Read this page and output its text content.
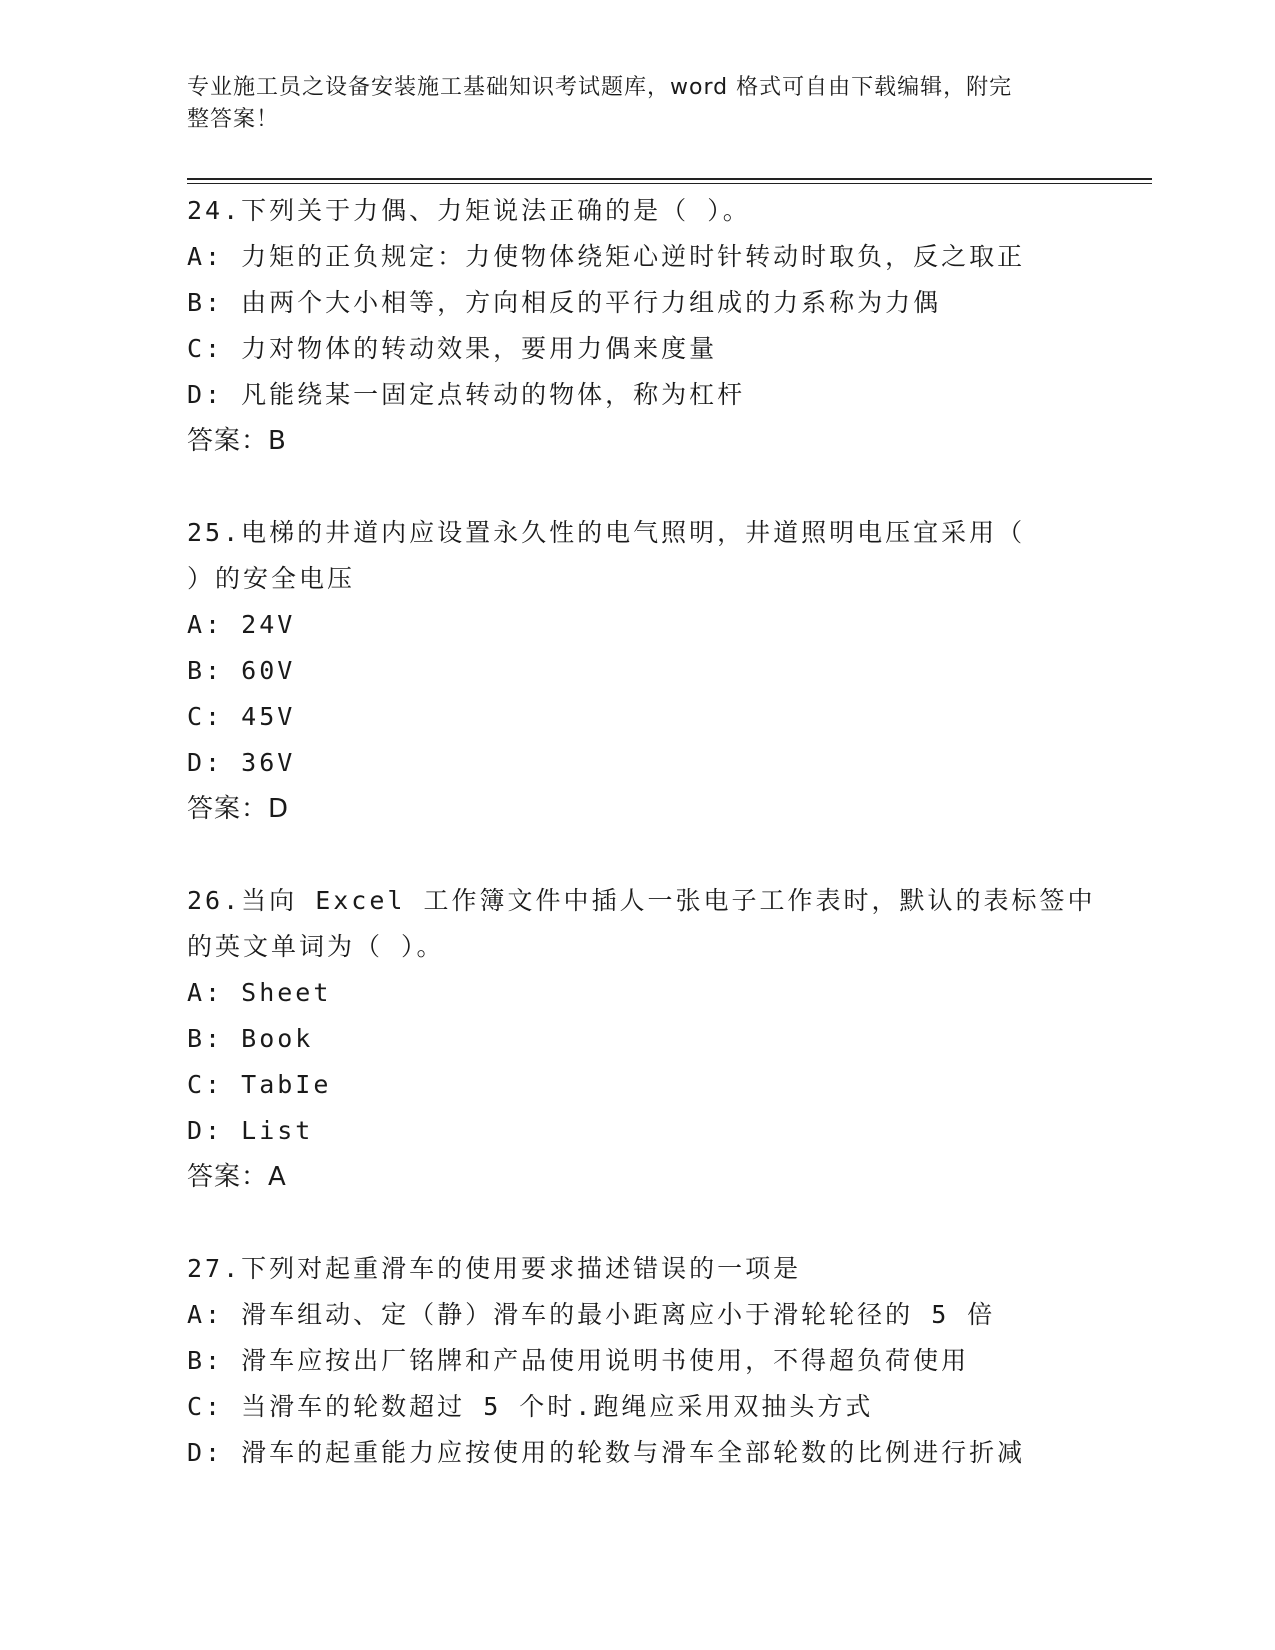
专业施工员之设备安装施工基础知识考试题库，word 格式可自由下载编辑，附完
整答案！
24.下列关于力偶、力矩说法正确的是（ ）。
A: 力矩的正负规定：力使物体绕矩心逆时针转动时取负，反之取正
B: 由两个大小相等，方向相反的平行力组成的力系称为力偶
C: 力对物体的转动效果，要用力偶来度量
D: 凡能绕某一固定点转动的物体，称为杠杆
答案：B
25.电梯的井道内应设置永久性的电气照明，井道照明电压宜采用（
）的安全电压
A: 24V
B: 60V
C: 45V
D: 36V
答案：D
26.当向 Excel 工作簿文件中插人一张电子工作表时，默认的表标签中
的英文单词为（ ）。
A: Sheet
B: Book
C: TabIe
D: List
答案：A
27.下列对起重滑车的使用要求描述错误的一项是
A: 滑车组动、定（静）滑车的最小距离应小于滑轮轮径的 5 倍
B: 滑车应按出厂铭牌和产品使用说明书使用，不得超负荷使用
C: 当滑车的轮数超过 5 个时.跑绳应采用双抽头方式
D: 滑车的起重能力应按使用的轮数与滑车全部轮数的比例进行折减
